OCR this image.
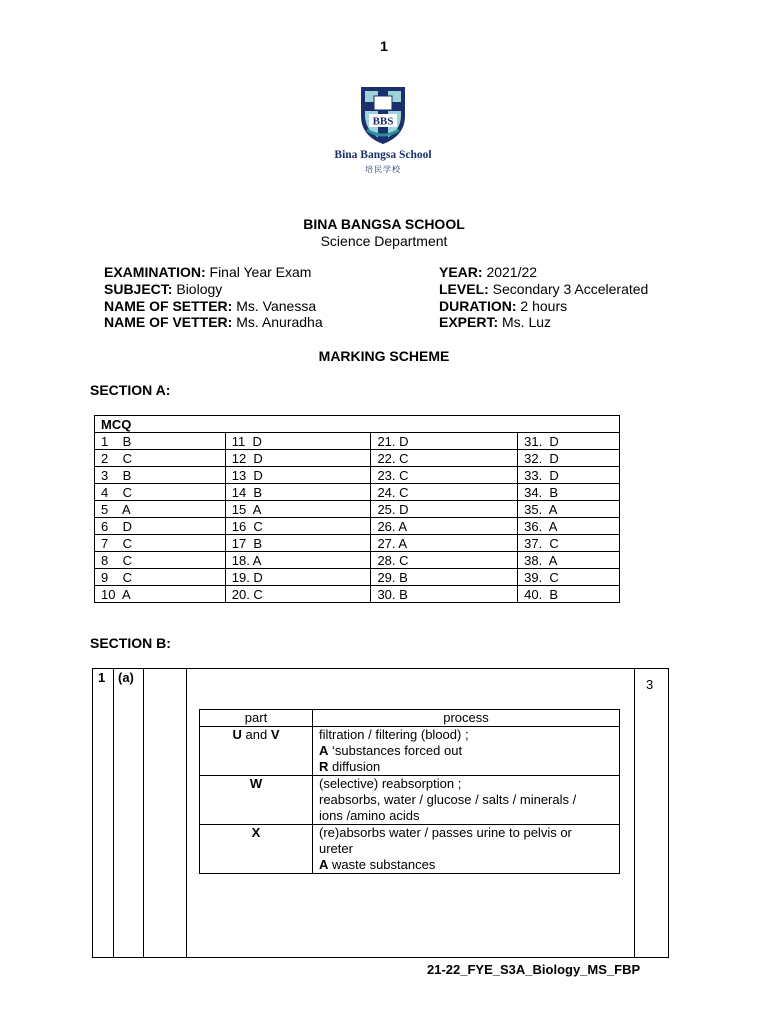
1
BBS
Bina Bangsa School
培民学校
BINA BANGSA SCHOOL
Science Department
EXAMINATION: Final Year Exam
SUBJECT: Biology
NAME OF SETTER: Ms. Vanessa
NAME OF VETTER: Ms. Anuradha
YEAR: 2021/22
LEVEL: Secondary 3 Accelerated
DURATION: 2 hours
EXPERT: Ms. Luz
MARKING SCHEME
SECTION A:
MCQ			
1    B	11  D	21. D	31.  D
2    C	12  D	22. C	32.  D
3    B	13  D	23. C	33.  D
4    C	14  B	24. C	34.  B
5    A	15  A	25. D	35.  A
6    D	16  C	26. A	36.  A
7    C	17  B	27. A	37.  C
8    C	18. A	28. C	38.  A
9    C	19. D	29. B	39.  C
10  A	20. C	30. B	40.  B
SECTION B:
1 (a)	3
part	process
U and V	filtration / filtering (blood) ;
A ‘substances forced out
R diffusion
W	(selective) reabsorption ;
reabsorbs, water / glucose / salts / minerals /
ions /amino acids
X	(re)absorbs water / passes urine to pelvis or
ureter
A waste substances
21-22_FYE_S3A_Biology_MS_FBP
